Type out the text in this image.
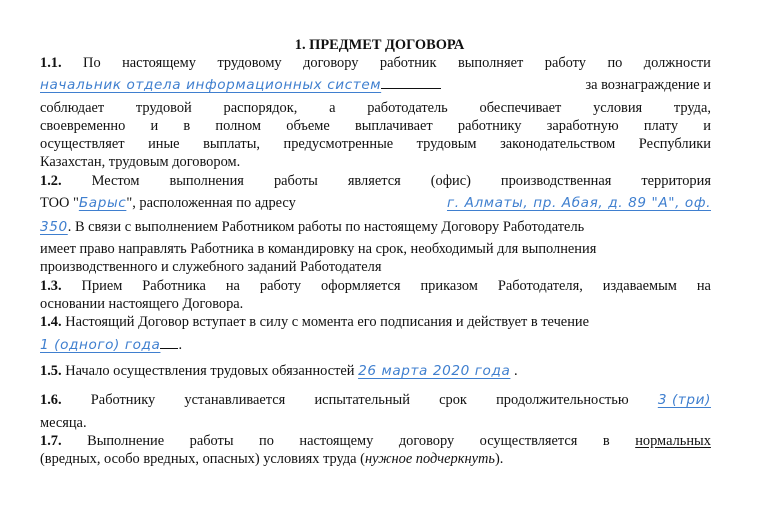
1. ПРЕДМЕТ ДОГОВОРА
1.1. По настоящему трудовому договору работник выполняет работу по должности
начальник отдела информационных систем	за вознаграждение и
соблюдает трудовой распорядок, а работодатель обеспечивает условия труда,
своевременно и в полном объеме выплачивает работнику заработную плату и
осуществляет иные выплаты, предусмотренные трудовым законодательством Республики
Казахстан, трудовым договором.
1.2. Местом выполнения работы является (офис) производственная территория
ТОО "Барыс", расположенная по адресу	г. Алматы, пр. Абая, д. 89 "А", оф.
350. В связи с выполнением Работником работы по настоящему Договору Работодатель
имеет право направлять Работника в командировку на срок, необходимый для выполнения
производственного и служебного заданий Работодателя
1.3. Прием Работника на работу оформляется приказом Работодателя, издаваемым на
основании настоящего Договора.
1.4. Настоящий Договор вступает в силу с момента его подписания и действует в течение
1 (одного) года .
1.5. Начало осуществления трудовых обязанностей 26 марта 2020 года .
1.6. Работнику устанавливается испытательный срок продолжительностью 3 (три)
месяца.
1.7. Выполнение работы по настоящему договору осуществляется в нормальных
(вредных, особо вредных, опасных) условиях труда (нужное подчеркнуть).
